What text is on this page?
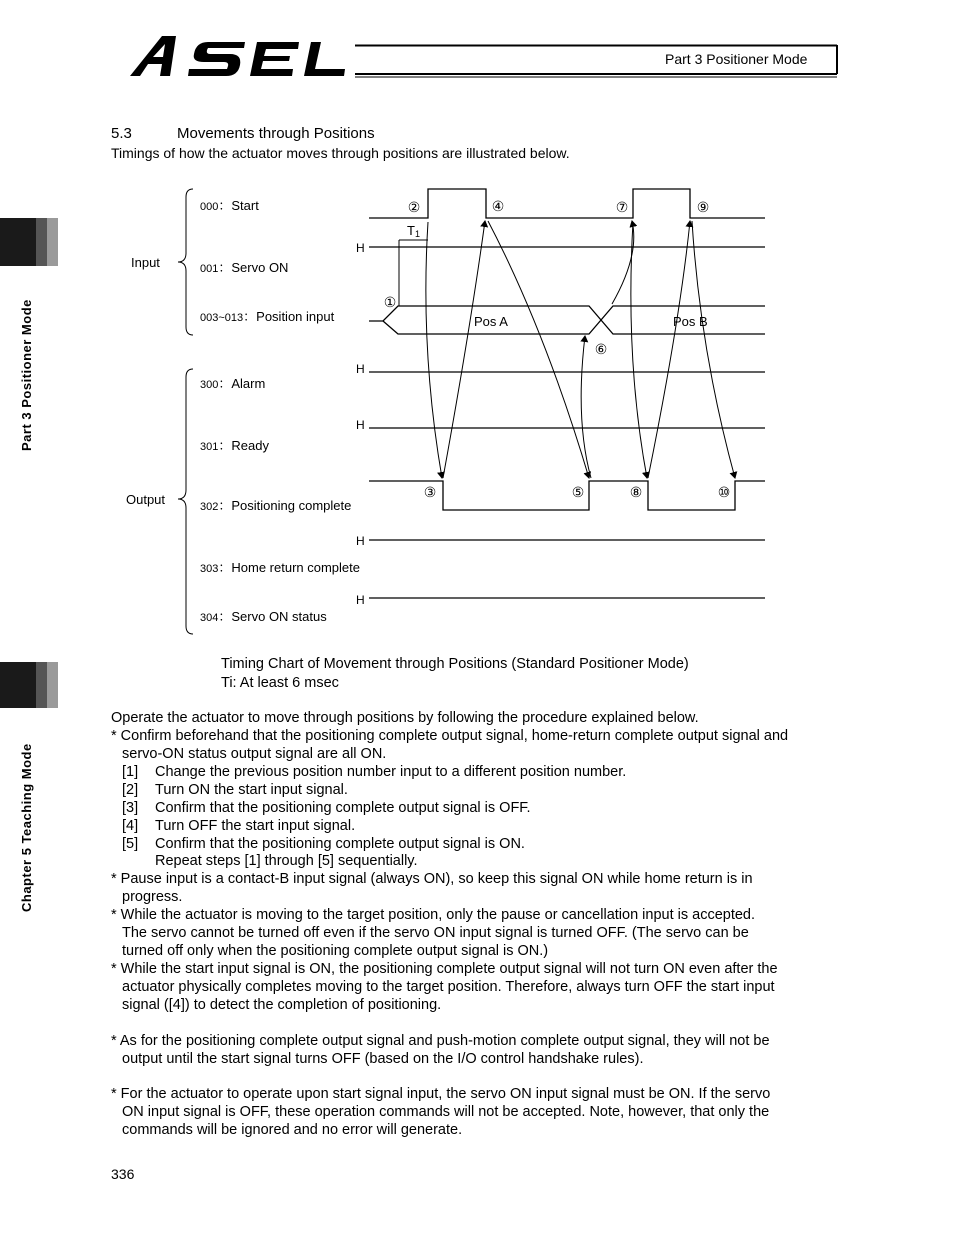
Part 3 Positioner Mode
Part 3 Positioner Mode
Chapter 5 Teaching Mode
5.3	Movements through Positions
Timings of how the actuator moves through positions are illustrated below.
Input
Output
000：Start
001：Servo ON
003~013：Position input
300：Alarm
301：Ready
302：Positioning complete
303：Home return complete
304：Servo ON status
H
H
H
H
H
T1
Pos A	Pos B
①
②
③
④
⑤
⑥
⑦
⑧
⑨
⑩
Timing Chart of Movement through Positions (Standard Positioner Mode)
Ti: At least 6 msec
Operate the actuator to move through positions by following the procedure explained below.
* Confirm beforehand that the positioning complete output signal, home-return complete output signal and
servo-ON status output signal are all ON.
[1] Change the previous position number input to a different position number.
[2] Turn ON the start input signal.
[3] Confirm that the positioning complete output signal is OFF.
[4] Turn OFF the start input signal.
[5] Confirm that the positioning complete output signal is ON.
Repeat steps [1] through [5] sequentially.
* Pause input is a contact-B input signal (always ON), so keep this signal ON while home return is in
progress.
* While the actuator is moving to the target position, only the pause or cancellation input is accepted.
The servo cannot be turned off even if the servo ON input signal is turned OFF. (The servo can be
turned off only when the positioning complete output signal is ON.)
* While the start input signal is ON, the positioning complete output signal will not turn ON even after the
actuator physically completes moving to the target position. Therefore, always turn OFF the start input
signal ([4]) to detect the completion of positioning.
* As for the positioning complete output signal and push-motion complete output signal, they will not be
output until the start signal turns OFF (based on the I/O control handshake rules).
* For the actuator to operate upon start signal input, the servo ON input signal must be ON. If the servo
ON input signal is OFF, these operation commands will not be accepted. Note, however, that only the
commands will be ignored and no error will generate.
336
